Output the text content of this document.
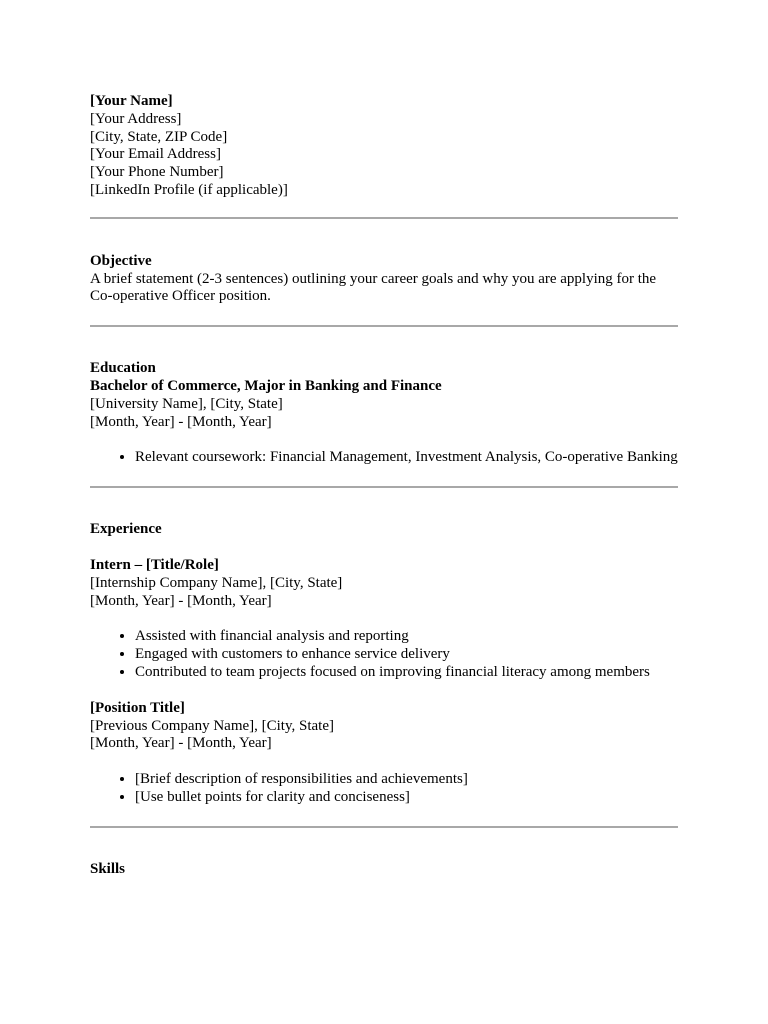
[Your Name]
[Your Address]
[City, State, ZIP Code]
[Your Email Address]
[Your Phone Number]
[LinkedIn Profile (if applicable)]
Objective
A brief statement (2-3 sentences) outlining your career goals and why you are applying for the Co-operative Officer position.
Education
Bachelor of Commerce, Major in Banking and Finance
[University Name], [City, State]
[Month, Year] - [Month, Year]
• Relevant coursework: Financial Management, Investment Analysis, Co-operative Banking
Experience
Intern – [Title/Role]
[Internship Company Name], [City, State]
[Month, Year] - [Month, Year]
• Assisted with financial analysis and reporting
• Engaged with customers to enhance service delivery
• Contributed to team projects focused on improving financial literacy among members
[Position Title]
[Previous Company Name], [City, State]
[Month, Year] - [Month, Year]
• [Brief description of responsibilities and achievements]
• [Use bullet points for clarity and conciseness]
Skills
